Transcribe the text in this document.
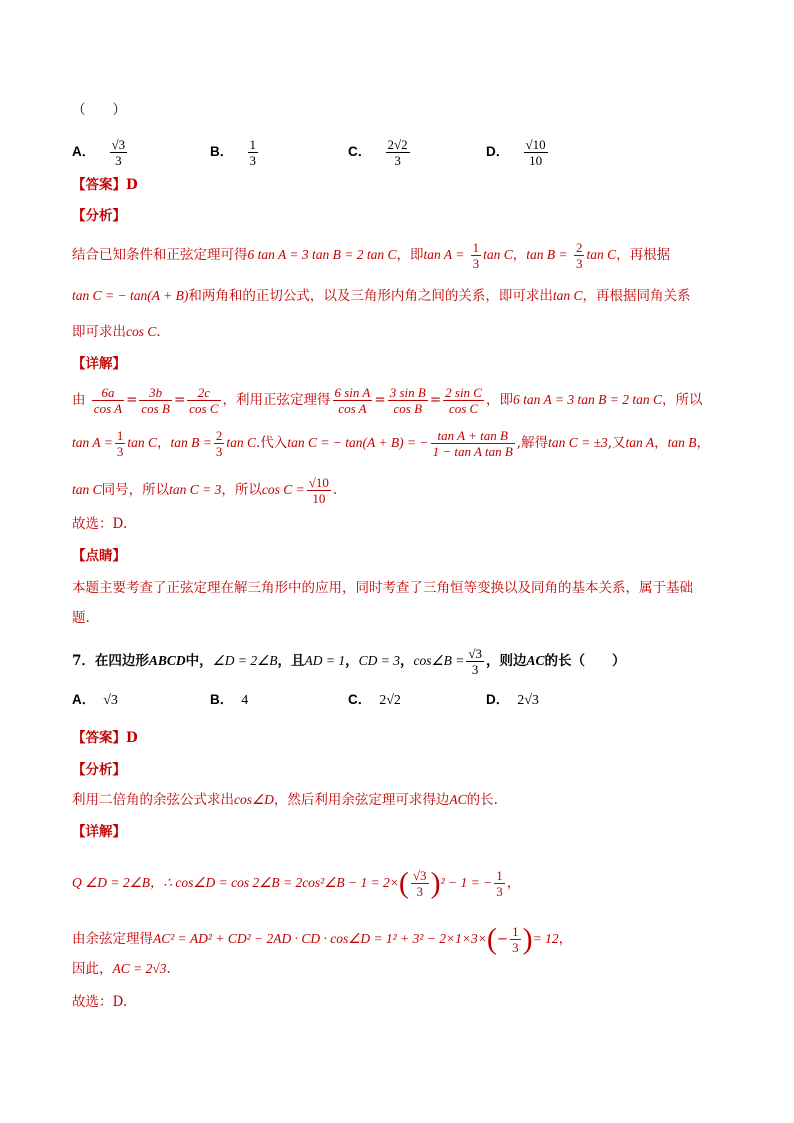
（　　）
A． $\frac{√3}{3}$	B． $\frac{1}{3}$	C． $\frac{2√2}{3}$	D． $\frac{√10}{10}$
【答案】D
【分析】
结合已知条件和正弦定理可得6 tan A = 3 tan B = 2 tan C，即$\tan A = \frac{1}{3}$ tan C，$\tan B = \frac{2}{3}$ tan C，再根据
tan C = − tan(A + B)和两角和的正切公式，以及三角形内角之间的关系，即可求出tan C，再根据同角关系
即可求出cos C.
【详解】
由 $\frac{6a}{\text{cos A}} = \frac{3b}{\text{cos B}} = \frac{2c}{\text{cos C}}$ ，利用正弦定理得 $\frac{\text{6 sin A}}{\text{cos A}} = \frac{\text{3 sin B}}{\text{cos B}} = \frac{\text{2 sin C}}{\text{cos C}}$ ，即6 tan A = 3 tan B = 2 tan C，所以
$\tan A = \frac{1}{3}$ tan C，$\tan B = \frac{2}{3}$ tan C.代入tan C = − tan(A + B) = − $\frac{\text{tan A + tan B}}{\text{1 − tan A tan B}}$ ,解得tan C = ±3,又tan A，tan B，
tan C同号，所以tan C = 3，所以$\cos C = \frac{√10}{10}$ .
故选：D.
【点睛】
本题主要考查了正弦定理在解三角形中的应用，同时考查了三角恒等变换以及同角的基本关系，属于基础
题.
7．在四边形ABCD中，∠D = 2∠B，且AD = 1，CD = 3，cos∠B = $\frac{√3}{3}$ ，则边AC的长（　　）
A． √3	B． 4	C． 2√2	D． 2√3
【答案】D
【分析】
利用二倍角的余弦公式求出cos∠D，然后利用余弦定理可求得边AC的长.
【详解】
Q ∠D = 2∠B，∴ cos∠D = cos 2∠B = 2cos²∠B − $1 = 2\times( \frac{√3}{3} )^2 - 1$ = − $\frac{1}{3}$ ，
由余弦定理得AC² = AD² + CD² − 2AD · CD · cos∠D = $1^2 + 3^2 - 2\times 1\times 3\times(- \frac{1}{3}$ )= 12，
因此，AC = 2√3.
故选：D.
